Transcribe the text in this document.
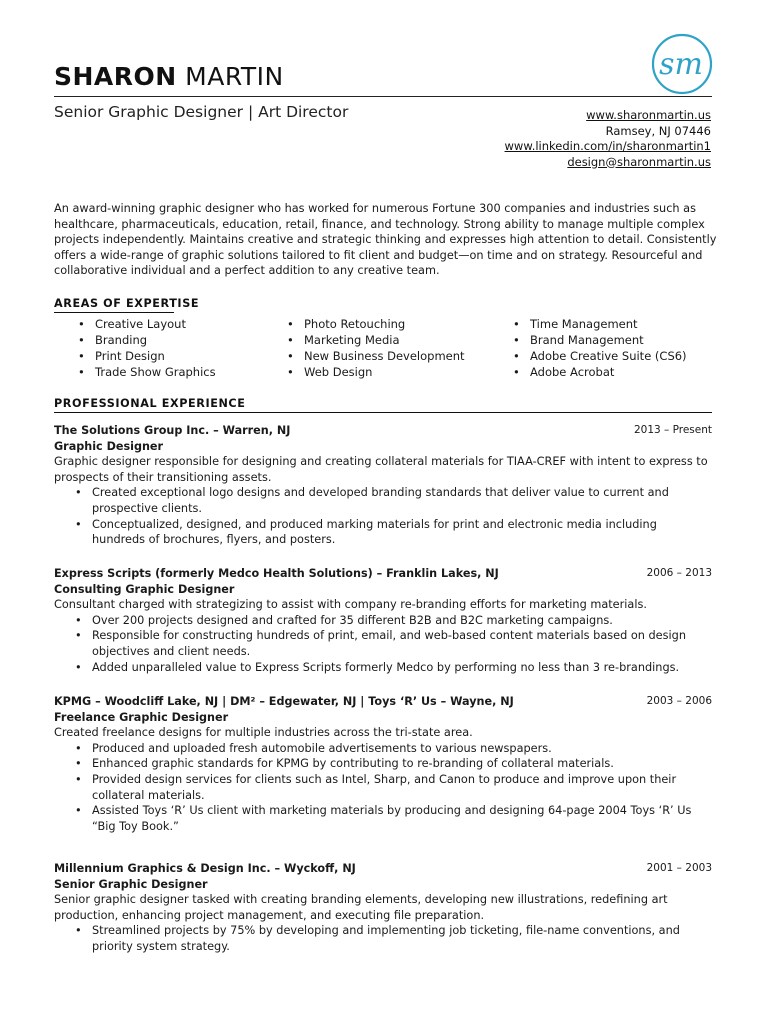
SHARON MARTIN	sm
Senior Graphic Designer | Art Director	www.sharonmartin.us
Ramsey, NJ 07446
www.linkedin.com/in/sharonmartin1
design@sharonmartin.us
An award-winning graphic designer who has worked for numerous Fortune 300 companies and industries such as healthcare, pharmaceuticals, education, retail, finance, and technology. Strong ability to manage multiple complex projects independently. Maintains creative and strategic thinking and expresses high attention to detail. Consistently offers a wide-range of graphic solutions tailored to fit client and budget—on time and on strategy. Resourceful and collaborative individual and a perfect addition to any creative team.
AREAS OF EXPERTISE
• Creative Layout
• Branding
• Print Design
• Trade Show Graphics
• Photo Retouching
• Marketing Media
• New Business Development
• Web Design
• Time Management
• Brand Management
• Adobe Creative Suite (CS6)
• Adobe Acrobat
PROFESSIONAL EXPERIENCE
The Solutions Group Inc. – Warren, NJ	2013 – Present
Graphic Designer
Graphic designer responsible for designing and creating collateral materials for TIAA-CREF with intent to express to prospects of their transitioning assets.
• Created exceptional logo designs and developed branding standards that deliver value to current and prospective clients.
• Conceptualized, designed, and produced marking materials for print and electronic media including hundreds of brochures, flyers, and posters.
Express Scripts (formerly Medco Health Solutions) – Franklin Lakes, NJ	2006 – 2013
Consulting Graphic Designer
Consultant charged with strategizing to assist with company re-branding efforts for marketing materials.
• Over 200 projects designed and crafted for 35 different B2B and B2C marketing campaigns.
• Responsible for constructing hundreds of print, email, and web-based content materials based on design objectives and client needs.
• Added unparalleled value to Express Scripts formerly Medco by performing no less than 3 re-brandings.
KPMG – Woodcliff Lake, NJ | DM² – Edgewater, NJ | Toys ‘R’ Us – Wayne, NJ	2003 – 2006
Freelance Graphic Designer
Created freelance designs for multiple industries across the tri-state area.
• Produced and uploaded fresh automobile advertisements to various newspapers.
• Enhanced graphic standards for KPMG by contributing to re-branding of collateral materials.
• Provided design services for clients such as Intel, Sharp, and Canon to produce and improve upon their collateral materials.
• Assisted Toys ‘R’ Us client with marketing materials by producing and designing 64-page 2004 Toys ‘R’ Us “Big Toy Book.”
Millennium Graphics & Design Inc. – Wyckoff, NJ	2001 – 2003
Senior Graphic Designer
Senior graphic designer tasked with creating branding elements, developing new illustrations, redefining art production, enhancing project management, and executing file preparation.
• Streamlined projects by 75% by developing and implementing job ticketing, file-name conventions, and priority system strategy.
